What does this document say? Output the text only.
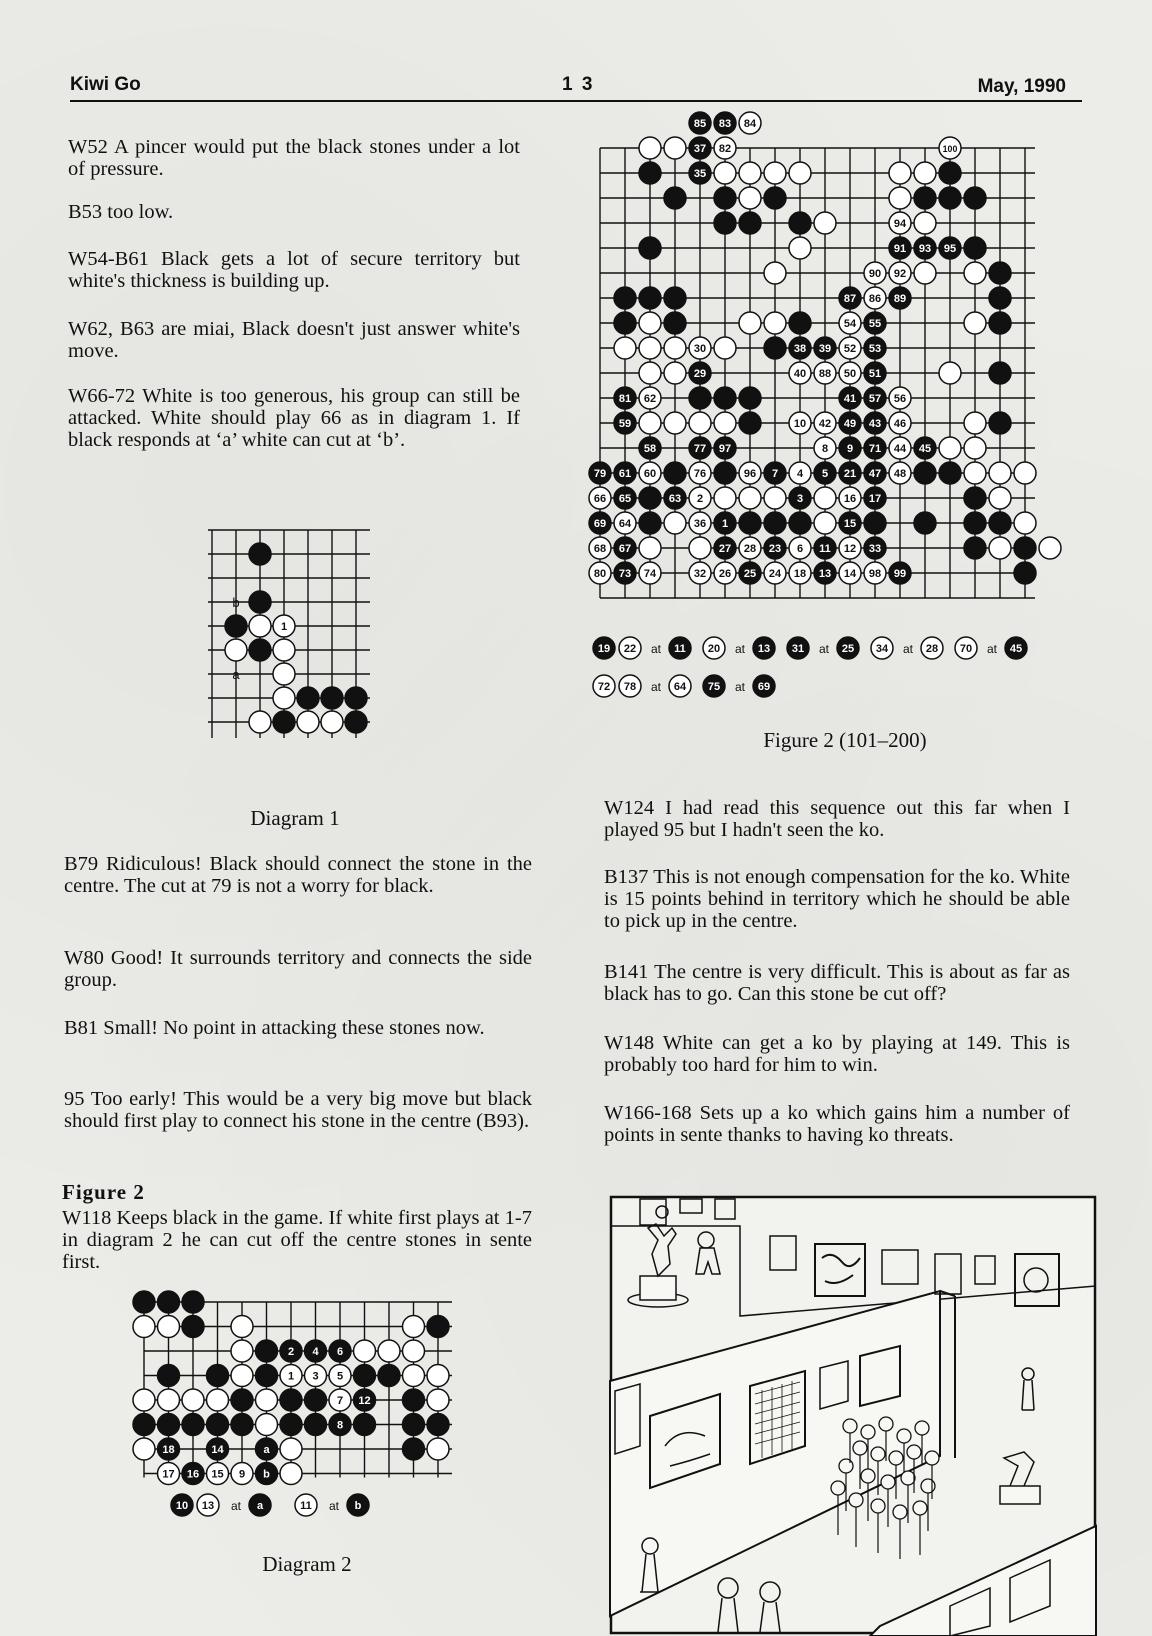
Kiwi Go	1 3	May, 1990
W52 A pincer would put the black stones under a lot of pressure.
B53 too low.
W54-B61 Black gets a lot of secure territory but white's thickness is building up.
W62, B63 are miai, Black doesn't just answer white's move.
W66-72 White is too generous, his group can still be attacked. White should play 66 as in diagram 1. If black responds at ‘a’ white can cut at ‘b’.
1
a
b
Diagram 1
B79 Ridiculous! Black should connect the stone in the centre. The cut at 79 is not a worry for black.
W80 Good! It surrounds territory and connects the side group.
B81 Small! No point in attacking these stones now.
95 Too early! This would be a very big move but black should first play to connect his stone in the centre (B93).
Figure 2
W118 Keeps black in the game. If white first plays at 1-7 in diagram 2 he can cut off the centre stones in sente first.
2 4 6
1 3 5
7 12
8
18	14	a
17 16 15 9 b
10 13 at a	11 at b
Diagram 2
85 83 84
37 82	100
35
94
91 93 95
90 92
87 86 89
54 55
30	38 39 52 53
29	40 88 50 51
81 62	41 57 56
59	10 42 49 43 46
58	77 97	8 9 71 44 45
79 61 60	76	96 7 4 5 21 47 48
66 65	63 2	3	16 17
69 64	36 1	15
68 67	27 28 23 6 11 12 33
80 73 74	32 26 25 24 18 13 14 98 99
19 22 at 11 20 at 13 31 at 25 34 at 28 70 at 45
72 78 at 64 75 at 69
Figure 2 (101–200)
W124 I had read this sequence out this far when I played 95 but I hadn't seen the ko.
B137 This is not enough compensation for the ko. White is 15 points behind in territory which he should be able to pick up in the centre.
B141 The centre is very difficult. This is about as far as black has to go. Can this stone be cut off?
W148 White can get a ko by playing at 149. This is probably too hard for him to win.
W166-168 Sets up a ko which gains him a number of points in sente thanks to having ko threats.
